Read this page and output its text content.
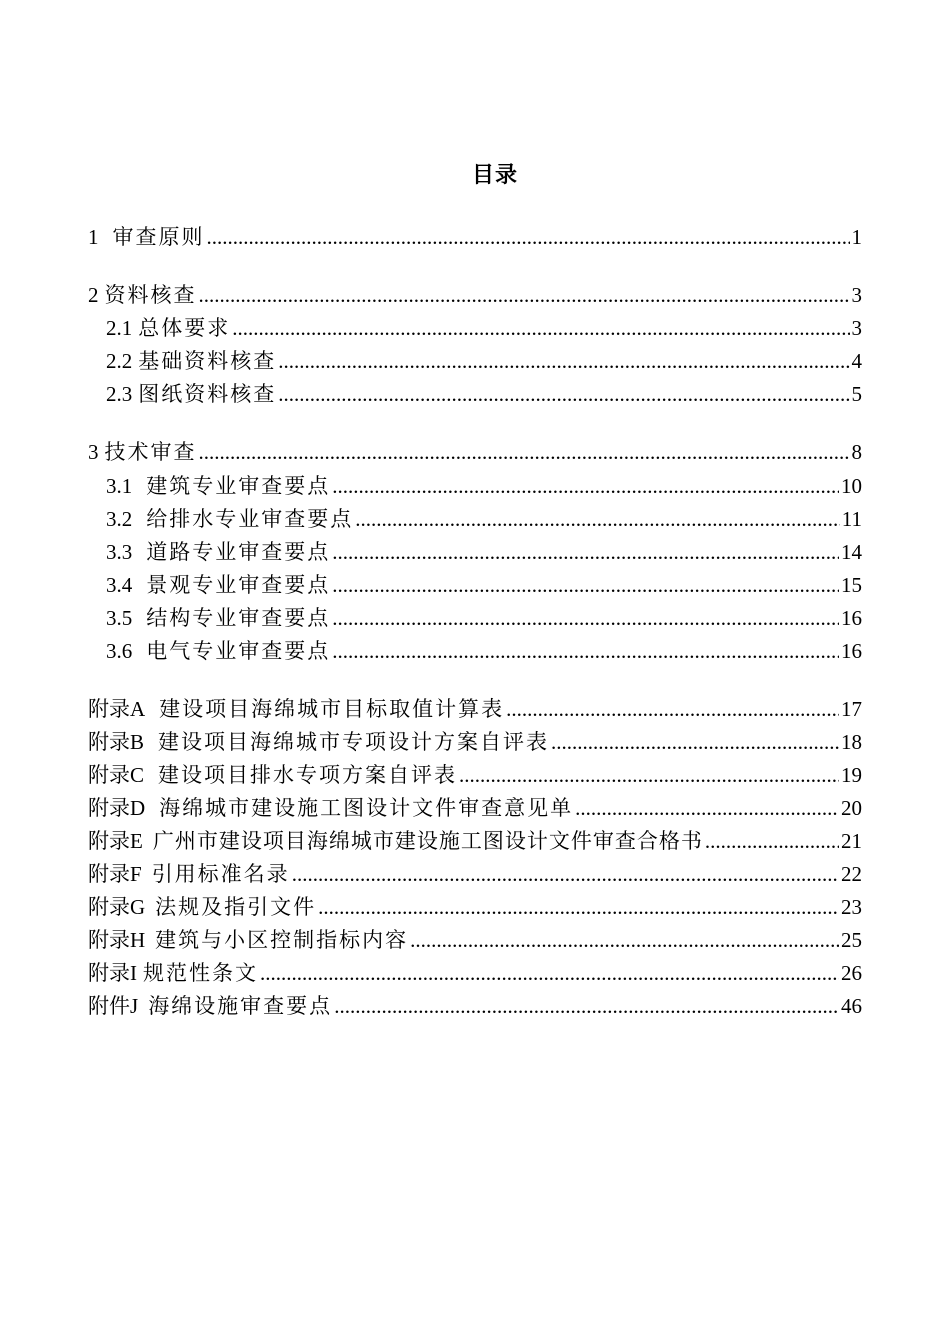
目录
1 审查原则 .....	1
2 资料核查 .....	3
2.1 总体要求 .....	3
2.2 基础资料核查 .....	4
2.3 图纸资料核查 .....	5
3 技术审查 .....	8
3.1 建筑专业审查要点 .....	10
3.2 给排水专业审查要点 .....	11
3.3 道路专业审查要点 .....	14
3.4 景观专业审查要点 .....	15
3.5 结构专业审查要点 .....	16
3.6 电气专业审查要点 .....	16
附录A 建设项目海绵城市目标取值计算表 .....	17
附录B 建设项目海绵城市专项设计方案自评表 .....	18
附录C 建设项目排水专项方案自评表 .....	19
附录D 海绵城市建设施工图设计文件审查意见单 .....	20
附录E 广州市建设项目海绵城市建设施工图设计文件审查合格书 .....	21
附录F 引用标准名录 .....	22
附录G 法规及指引文件 .....	23
附录H 建筑与小区控制指标内容 .....	25
附录I 规范性条文 .....	26
附件J 海绵设施审查要点 .....	46
